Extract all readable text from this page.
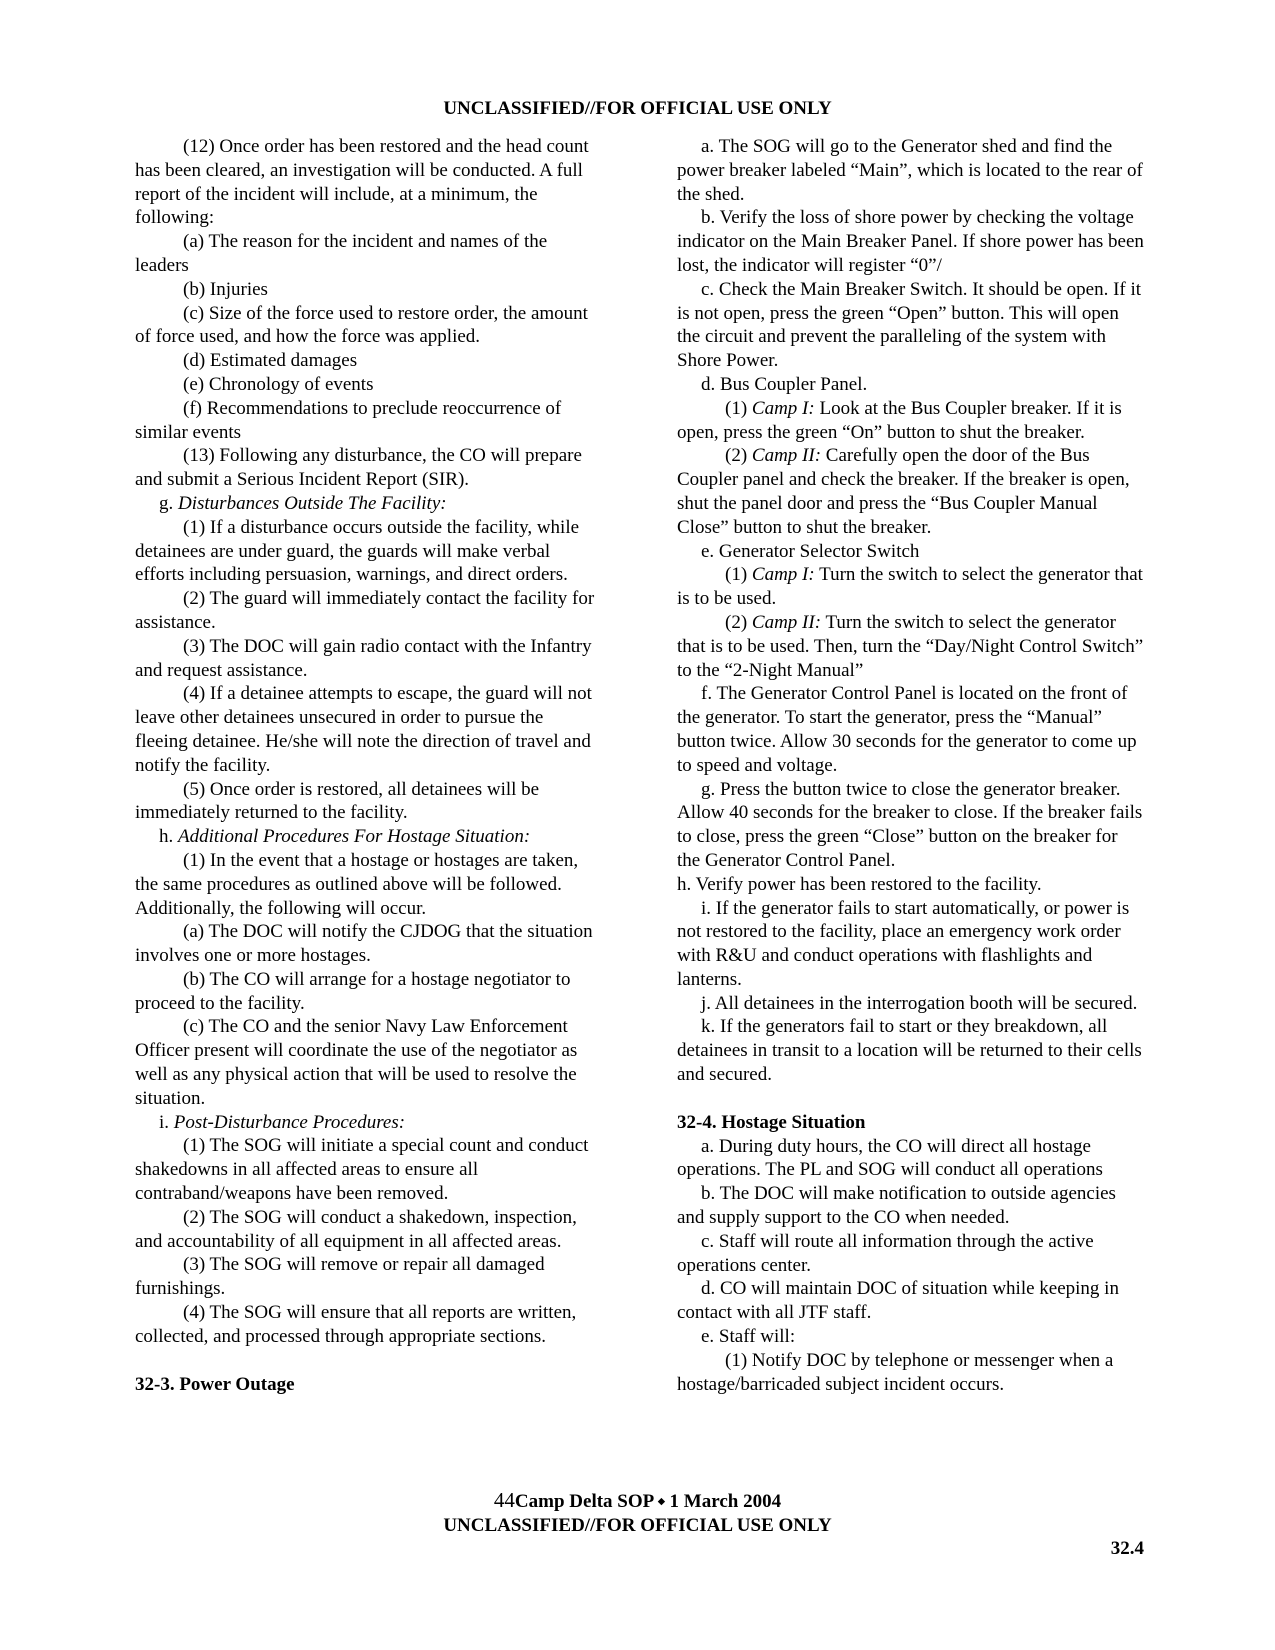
UNCLASSIFIED//FOR OFFICIAL USE ONLY

(12) Once order has been restored and the head count has been cleared, an investigation will be conducted. A full report of the incident will include, at a minimum, the following:

(a) The reason for the incident and names of the leaders

(b) Injuries

(c) Size of the force used to restore order, the amount of force used, and how the force was applied.

(d) Estimated damages

(e) Chronology of events

(f) Recommendations to preclude reoccurrence of similar events

(13) Following any disturbance, the CO will prepare and submit a Serious Incident Report (SIR).

g. Disturbances Outside The Facility:

(1) If a disturbance occurs outside the facility, while detainees are under guard, the guards will make verbal efforts including persuasion, warnings, and direct orders.

(2) The guard will immediately contact the facility for assistance.

(3) The DOC will gain radio contact with the Infantry and request assistance.

(4) If a detainee attempts to escape, the guard will not leave other detainees unsecured in order to pursue the fleeing detainee. He/she will note the direction of travel and notify the facility.

(5) Once order is restored, all detainees will be immediately returned to the facility.

h. Additional Procedures For Hostage Situation:

(1) In the event that a hostage or hostages are taken, the same procedures as outlined above will be followed. Additionally, the following will occur.

(a) The DOC will notify the CJDOG that the situation involves one or more hostages.

(b) The CO will arrange for a hostage negotiator to proceed to the facility.

(c) The CO and the senior Navy Law Enforcement Officer present will coordinate the use of the negotiator as well as any physical action that will be used to resolve the situation.

i. Post-Disturbance Procedures:

(1) The SOG will initiate a special count and conduct shakedowns in all affected areas to ensure all contraband/weapons have been removed.

(2) The SOG will conduct a shakedown, inspection, and accountability of all equipment in all affected areas.

(3) The SOG will remove or repair all damaged furnishings.

(4) The SOG will ensure that all reports are written, collected, and processed through appropriate sections.

32-3. Power Outage

a. The SOG will go to the Generator shed and find the power breaker labeled “Main”, which is located to the rear of the shed.

b. Verify the loss of shore power by checking the voltage indicator on the Main Breaker Panel. If shore power has been lost, the indicator will register “0”/

c. Check the Main Breaker Switch. It should be open. If it is not open, press the green “Open” button. This will open the circuit and prevent the paralleling of the system with Shore Power.

d. Bus Coupler Panel.

(1) Camp I: Look at the Bus Coupler breaker. If it is open, press the green “On” button to shut the breaker.

(2) Camp II: Carefully open the door of the Bus Coupler panel and check the breaker. If the breaker is open, shut the panel door and press the “Bus Coupler Manual Close” button to shut the breaker.

e. Generator Selector Switch

(1) Camp I: Turn the switch to select the generator that is to be used.

(2) Camp II: Turn the switch to select the generator that is to be used. Then, turn the “Day/Night Control Switch” to the “2-Night Manual”

f. The Generator Control Panel is located on the front of the generator. To start the generator, press the “Manual” button twice. Allow 30 seconds for the generator to come up to speed and voltage.

g. Press the button twice to close the generator breaker. Allow 40 seconds for the breaker to close. If the breaker fails to close, press the green “Close” button on the breaker for the Generator Control Panel.

h. Verify power has been restored to the facility.

i. If the generator fails to start automatically, or power is not restored to the facility, place an emergency work order with R&U and conduct operations with flashlights and lanterns.

j. All detainees in the interrogation booth will be secured.

k. If the generators fail to start or they breakdown, all detainees in transit to a location will be returned to their cells and secured.

32-4. Hostage Situation

a. During duty hours, the CO will direct all hostage operations. The PL and SOG will conduct all operations

b. The DOC will make notification to outside agencies and supply support to the CO when needed.

c. Staff will route all information through the active operations center.

d. CO will maintain DOC of situation while keeping in contact with all JTF staff.

e. Staff will:

(1) Notify DOC by telephone or messenger when a hostage/barricaded subject incident occurs.

44Camp Delta SOP ⬩ 1 March 2004
UNCLASSIFIED//FOR OFFICIAL USE ONLY
32.4
